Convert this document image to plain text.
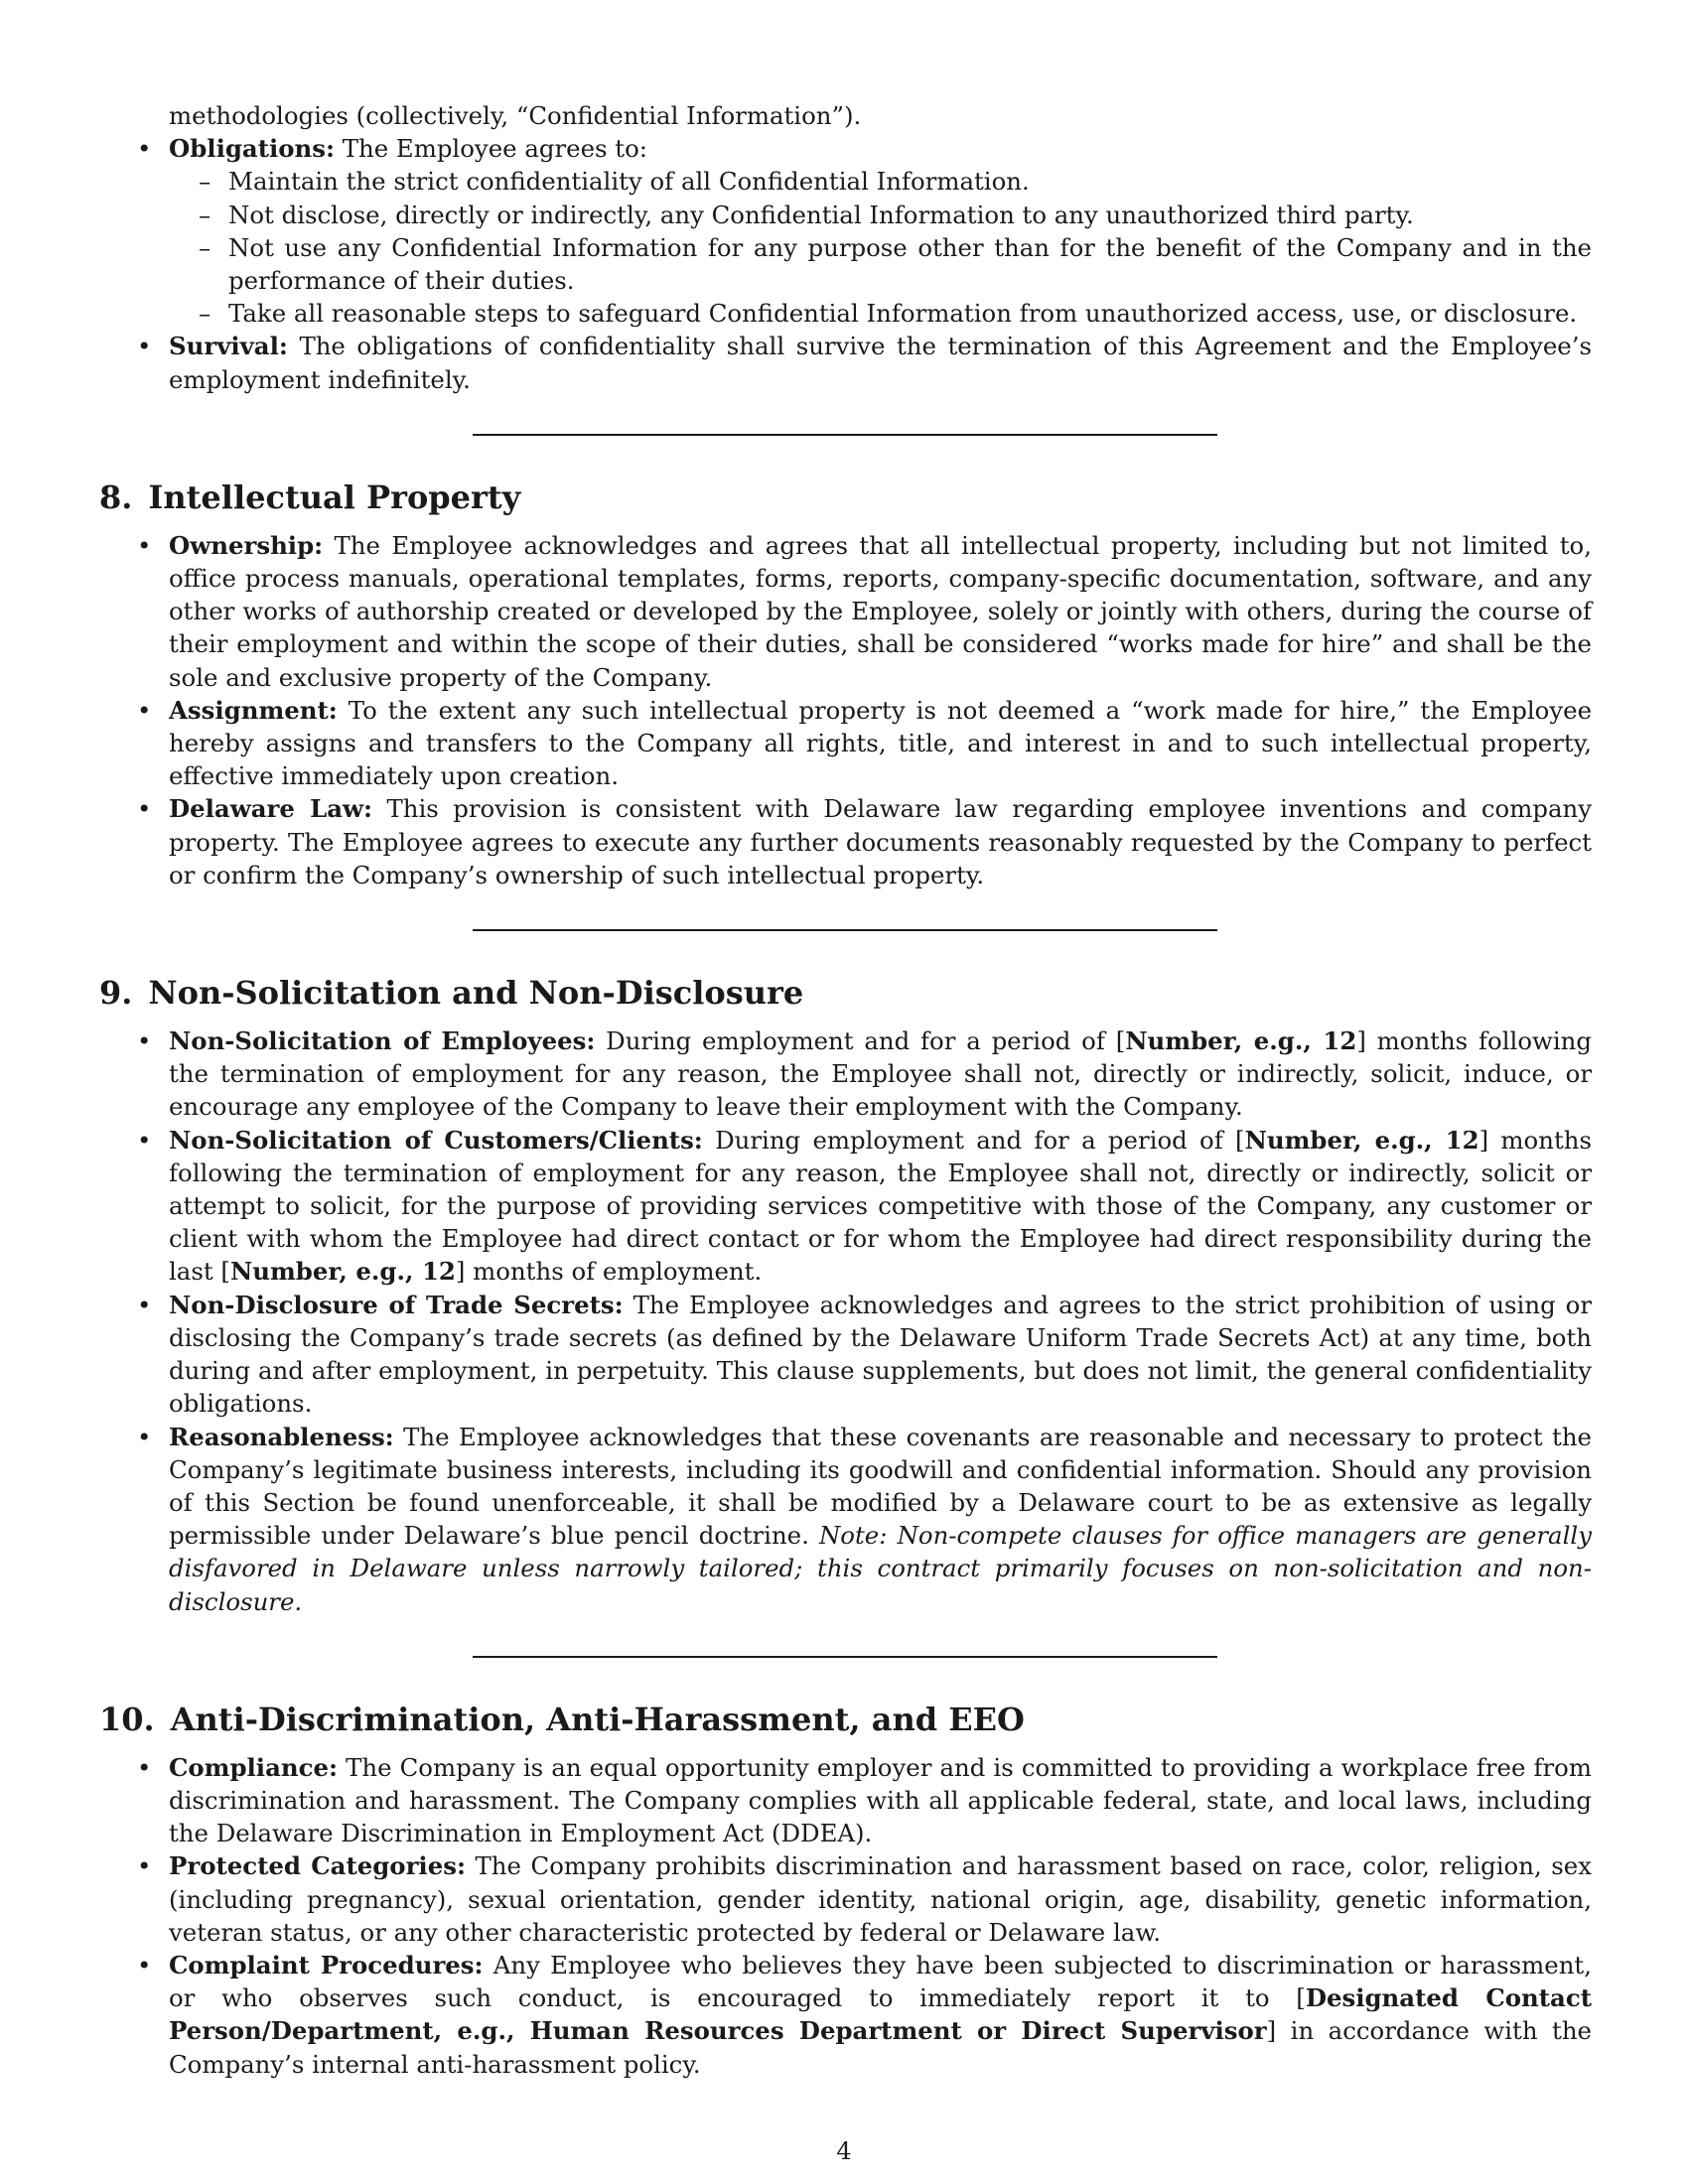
methodologies (collectively, “Confidential Information”).

• Obligations: The Employee agrees to:
– Maintain the strict confidentiality of all Confidential Information.
– Not disclose, directly or indirectly, any Confidential Information to any unauthorized third party.
– Not use any Confidential Information for any purpose other than for the benefit of the Company and in the performance of their duties.
– Take all reasonable steps to safeguard Confidential Information from unauthorized access, use, or disclosure.
• Survival: The obligations of confidentiality shall survive the termination of this Agreement and the Employee’s employment indefinitely.
8. Intellectual Property
• Ownership: The Employee acknowledges and agrees that all intellectual property, including but not limited to, office process manuals, operational templates, forms, reports, company-specific documentation, software, and any other works of authorship created or developed by the Employee, solely or jointly with others, during the course of their employment and within the scope of their duties, shall be considered “works made for hire” and shall be the sole and exclusive property of the Company.
• Assignment: To the extent any such intellectual property is not deemed a “work made for hire,” the Employee hereby assigns and transfers to the Company all rights, title, and interest in and to such intellectual property, effective immediately upon creation.
• Delaware Law: This provision is consistent with Delaware law regarding employee inventions and company property. The Employee agrees to execute any further documents reasonably requested by the Company to perfect or confirm the Company’s ownership of such intellectual property.
9. Non-Solicitation and Non-Disclosure
• Non-Solicitation of Employees: During employment and for a period of [Number, e.g., 12] months following the termination of employment for any reason, the Employee shall not, directly or indirectly, solicit, induce, or encourage any employee of the Company to leave their employment with the Company.
• Non-Solicitation of Customers/Clients: During employment and for a period of [Number, e.g., 12] months following the termination of employment for any reason, the Employee shall not, directly or indirectly, solicit or attempt to solicit, for the purpose of providing services competitive with those of the Company, any customer or client with whom the Employee had direct contact or for whom the Employee had direct responsibility during the last [Number, e.g., 12] months of employment.
• Non-Disclosure of Trade Secrets: The Employee acknowledges and agrees to the strict prohibition of using or disclosing the Company’s trade secrets (as defined by the Delaware Uniform Trade Secrets Act) at any time, both during and after employment, in perpetuity. This clause supplements, but does not limit, the general confidentiality obligations.
• Reasonableness: The Employee acknowledges that these covenants are reasonable and necessary to protect the Company’s legitimate business interests, including its goodwill and confidential information. Should any provision of this Section be found unenforceable, it shall be modified by a Delaware court to be as extensive as legally permissible under Delaware’s blue pencil doctrine. Note: Non-compete clauses for office managers are generally disfavored in Delaware unless narrowly tailored; this contract primarily focuses on non-solicitation and non-disclosure.
10. Anti-Discrimination, Anti-Harassment, and EEO
• Compliance: The Company is an equal opportunity employer and is committed to providing a workplace free from discrimination and harassment. The Company complies with all applicable federal, state, and local laws, including the Delaware Discrimination in Employment Act (DDEA).
• Protected Categories: The Company prohibits discrimination and harassment based on race, color, religion, sex (including pregnancy), sexual orientation, gender identity, national origin, age, disability, genetic information, veteran status, or any other characteristic protected by federal or Delaware law.
• Complaint Procedures: Any Employee who believes they have been subjected to discrimination or harassment, or who observes such conduct, is encouraged to immediately report it to [Designated Contact Person/Department, e.g., Human Resources Department or Direct Supervisor] in accordance with the Company’s internal anti-harassment policy.
4
